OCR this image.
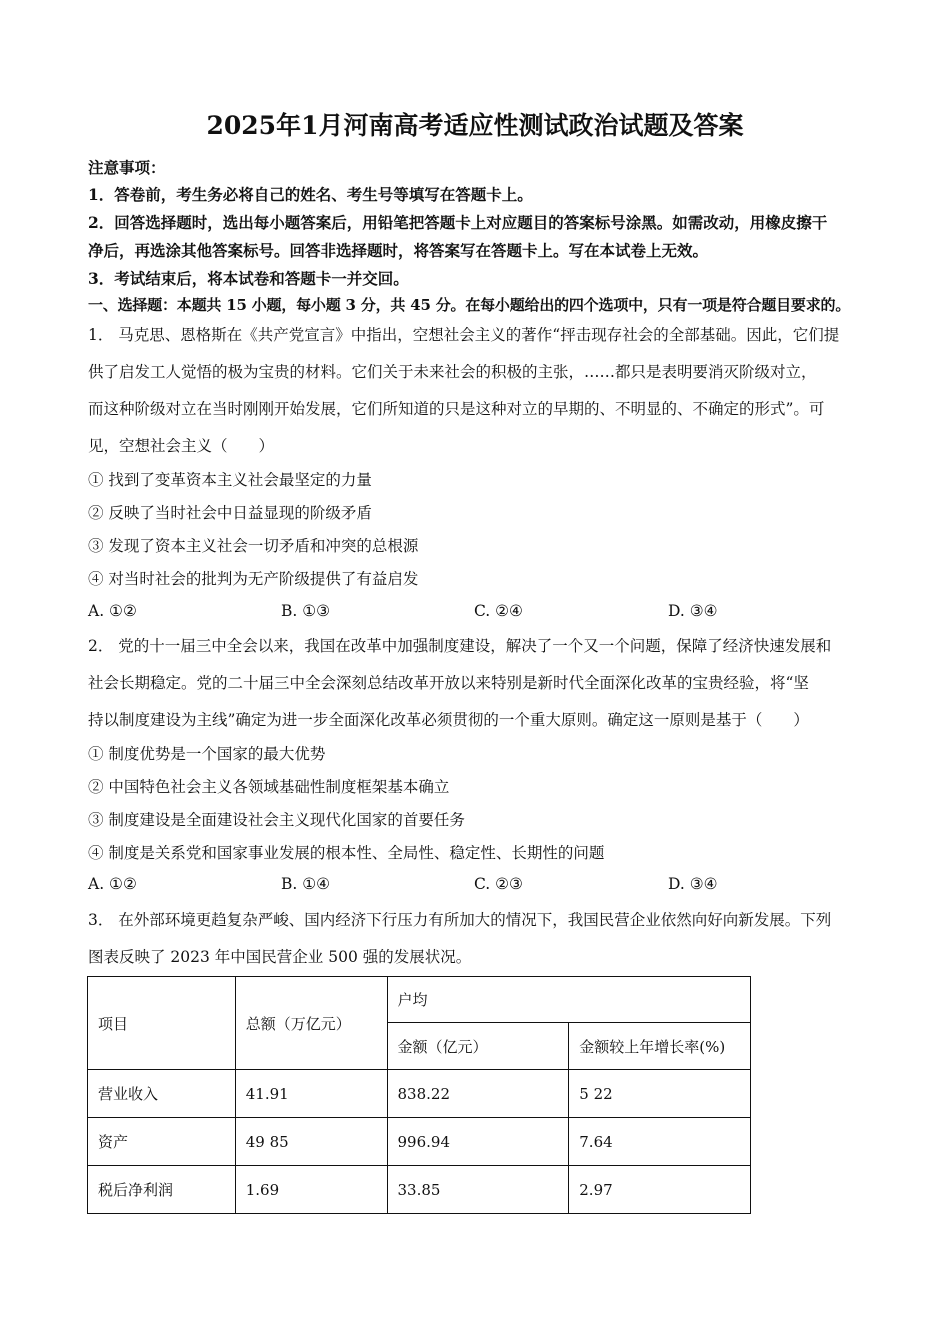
2025年1月河南高考适应性测试政治试题及答案
注意事项：
1．答卷前，考生务必将自己的姓名、考生号等填写在答题卡上。
2．回答选择题时，选出每小题答案后，用铅笔把答题卡上对应题目的答案标号涂黑。如需改动，用橡皮擦干
净后，再选涂其他答案标号。回答非选择题时，将答案写在答题卡上。写在本试卷上无效。
3．考试结束后，将本试卷和答题卡一并交回。
一、选择题：本题共 15 小题，每小题 3 分，共 45 分。在每小题给出的四个选项中，只有一项是符合题目要求的。
1． 马克思、恩格斯在《共产党宣言》中指出，空想社会主义的著作“抨击现存社会的全部基础。因此，它们提
供了启发工人觉悟的极为宝贵的材料。它们关于未来社会的积极的主张，……都只是表明要消灭阶级对立，
而这种阶级对立在当时刚刚开始发展，它们所知道的只是这种对立的早期的、不明显的、不确定的形式”。可
见，空想社会主义（　　）
① 找到了变革资本主义社会最坚定的力量
② 反映了当时社会中日益显现的阶级矛盾
③ 发现了资本主义社会一切矛盾和冲突的总根源
④ 对当时社会的批判为无产阶级提供了有益启发
A. ①②	B. ①③	C. ②④	D. ③④
2． 党的十一届三中全会以来，我国在改革中加强制度建设，解决了一个又一个问题，保障了经济快速发展和
社会长期稳定。党的二十届三中全会深刻总结改革开放以来特别是新时代全面深化改革的宝贵经验，将“坚
持以制度建设为主线”确定为进一步全面深化改革必须贯彻的一个重大原则。确定这一原则是基于（　　）
① 制度优势是一个国家的最大优势
② 中国特色社会主义各领域基础性制度框架基本确立
③ 制度建设是全面建设社会主义现代化国家的首要任务
④ 制度是关系党和国家事业发展的根本性、全局性、稳定性、长期性的问题
A. ①②	B. ①④	C. ②③	D. ③④
3． 在外部环境更趋复杂严峻、国内经济下行压力有所加大的情况下，我国民营企业依然向好向新发展。下列
图表反映了 2023 年中国民营企业 500 强的发展状况。
项目	总额（万亿元）	户均	
		金额（亿元）	金额较上年增长率(%)
营业收入	41.91	838.22	5 22
资产	49 85	996.94	7.64
税后净利润	1.69	33.85	2.97
